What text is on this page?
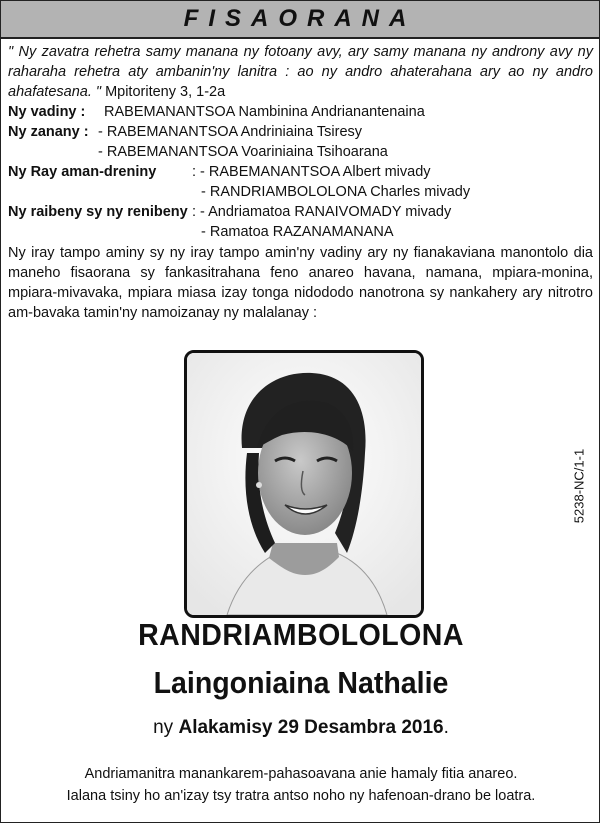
FISAORANA
" Ny zavatra rehetra samy manana ny fotoany avy, ary samy manana ny androny avy ny raharaha rehetra aty ambanin'ny lanitra : ao ny andro ahaterahana ary ao ny andro ahafatesana. " Mpitoriteny 3, 1-2a
Ny vadiny : RABEMANANTSOA Nambinina Andrianantenaina
Ny zanany : - RABEMANANTSOA Andriniaina Tsiresy
- RABEMANANTSOA Voariniaina Tsihoarana
Ny Ray aman-dreniny : - RABEMANANTSOA Albert mivady
- RANDRIAMBOLOLONA Charles mivady
Ny raibeny sy ny renibeny : - Andriamatoa RANAIVOMADY mivady
- Ramatoa RAZANAMANANA
Ny iray tampo aminy sy ny iray tampo amin'ny vadiny ary ny fianakaviana manontolo dia maneho fisaorana sy fankasitrahana feno anareo havana, namana, mpiara-monina, mpiara-mivavaka, mpiara miasa izay tonga nidododo nanotrona sy nankahery ary nitrotro am-bavaka tamin'ny namoizanay ny malalanay :
5238-NC/1-1
RANDRIAMBOLOLONA
Laingoniaina Nathalie
ny Alakamisy 29 Desambra 2016.
Andriamanitra manankarem-pahasoavana anie hamaly fitia anareo.
Ialana tsiny ho an'izay tsy tratra antso noho ny hafenoan-drano be loatra.
